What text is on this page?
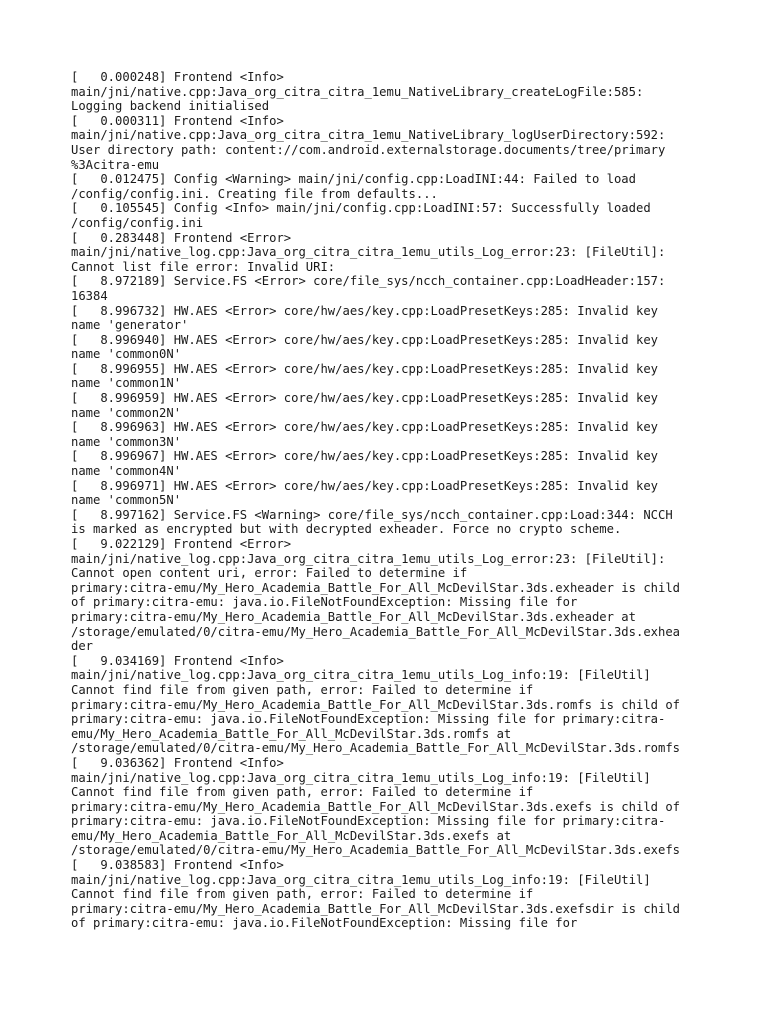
[   0.000248] Frontend <Info>
main/jni/native.cpp:Java_org_citra_citra_1emu_NativeLibrary_createLogFile:585:
Logging backend initialised
[   0.000311] Frontend <Info>
main/jni/native.cpp:Java_org_citra_citra_1emu_NativeLibrary_logUserDirectory:592:
User directory path: content://com.android.externalstorage.documents/tree/primary
%3Acitra-emu
[   0.012475] Config <Warning> main/jni/config.cpp:LoadINI:44: Failed to load
/config/config.ini. Creating file from defaults...
[   0.105545] Config <Info> main/jni/config.cpp:LoadINI:57: Successfully loaded
/config/config.ini
[   0.283448] Frontend <Error>
main/jni/native_log.cpp:Java_org_citra_citra_1emu_utils_Log_error:23: [FileUtil]:
Cannot list file error: Invalid URI:
[   8.972189] Service.FS <Error> core/file_sys/ncch_container.cpp:LoadHeader:157:
16384
[   8.996732] HW.AES <Error> core/hw/aes/key.cpp:LoadPresetKeys:285: Invalid key
name 'generator'
[   8.996940] HW.AES <Error> core/hw/aes/key.cpp:LoadPresetKeys:285: Invalid key
name 'common0N'
[   8.996955] HW.AES <Error> core/hw/aes/key.cpp:LoadPresetKeys:285: Invalid key
name 'common1N'
[   8.996959] HW.AES <Error> core/hw/aes/key.cpp:LoadPresetKeys:285: Invalid key
name 'common2N'
[   8.996963] HW.AES <Error> core/hw/aes/key.cpp:LoadPresetKeys:285: Invalid key
name 'common3N'
[   8.996967] HW.AES <Error> core/hw/aes/key.cpp:LoadPresetKeys:285: Invalid key
name 'common4N'
[   8.996971] HW.AES <Error> core/hw/aes/key.cpp:LoadPresetKeys:285: Invalid key
name 'common5N'
[   8.997162] Service.FS <Warning> core/file_sys/ncch_container.cpp:Load:344: NCCH
is marked as encrypted but with decrypted exheader. Force no crypto scheme.
[   9.022129] Frontend <Error>
main/jni/native_log.cpp:Java_org_citra_citra_1emu_utils_Log_error:23: [FileUtil]:
Cannot open content uri, error: Failed to determine if
primary:citra-emu/My_Hero_Academia_Battle_For_All_McDevilStar.3ds.exheader is child
of primary:citra-emu: java.io.FileNotFoundException: Missing file for
primary:citra-emu/My_Hero_Academia_Battle_For_All_McDevilStar.3ds.exheader at
/storage/emulated/0/citra-emu/My_Hero_Academia_Battle_For_All_McDevilStar.3ds.exhea
der
[   9.034169] Frontend <Info>
main/jni/native_log.cpp:Java_org_citra_citra_1emu_utils_Log_info:19: [FileUtil]
Cannot find file from given path, error: Failed to determine if
primary:citra-emu/My_Hero_Academia_Battle_For_All_McDevilStar.3ds.romfs is child of
primary:citra-emu: java.io.FileNotFoundException: Missing file for primary:citra-
emu/My_Hero_Academia_Battle_For_All_McDevilStar.3ds.romfs at
/storage/emulated/0/citra-emu/My_Hero_Academia_Battle_For_All_McDevilStar.3ds.romfs
[   9.036362] Frontend <Info>
main/jni/native_log.cpp:Java_org_citra_citra_1emu_utils_Log_info:19: [FileUtil]
Cannot find file from given path, error: Failed to determine if
primary:citra-emu/My_Hero_Academia_Battle_For_All_McDevilStar.3ds.exefs is child of
primary:citra-emu: java.io.FileNotFoundException: Missing file for primary:citra-
emu/My_Hero_Academia_Battle_For_All_McDevilStar.3ds.exefs at
/storage/emulated/0/citra-emu/My_Hero_Academia_Battle_For_All_McDevilStar.3ds.exefs
[   9.038583] Frontend <Info>
main/jni/native_log.cpp:Java_org_citra_citra_1emu_utils_Log_info:19: [FileUtil]
Cannot find file from given path, error: Failed to determine if
primary:citra-emu/My_Hero_Academia_Battle_For_All_McDevilStar.3ds.exefsdir is child
of primary:citra-emu: java.io.FileNotFoundException: Missing file for
